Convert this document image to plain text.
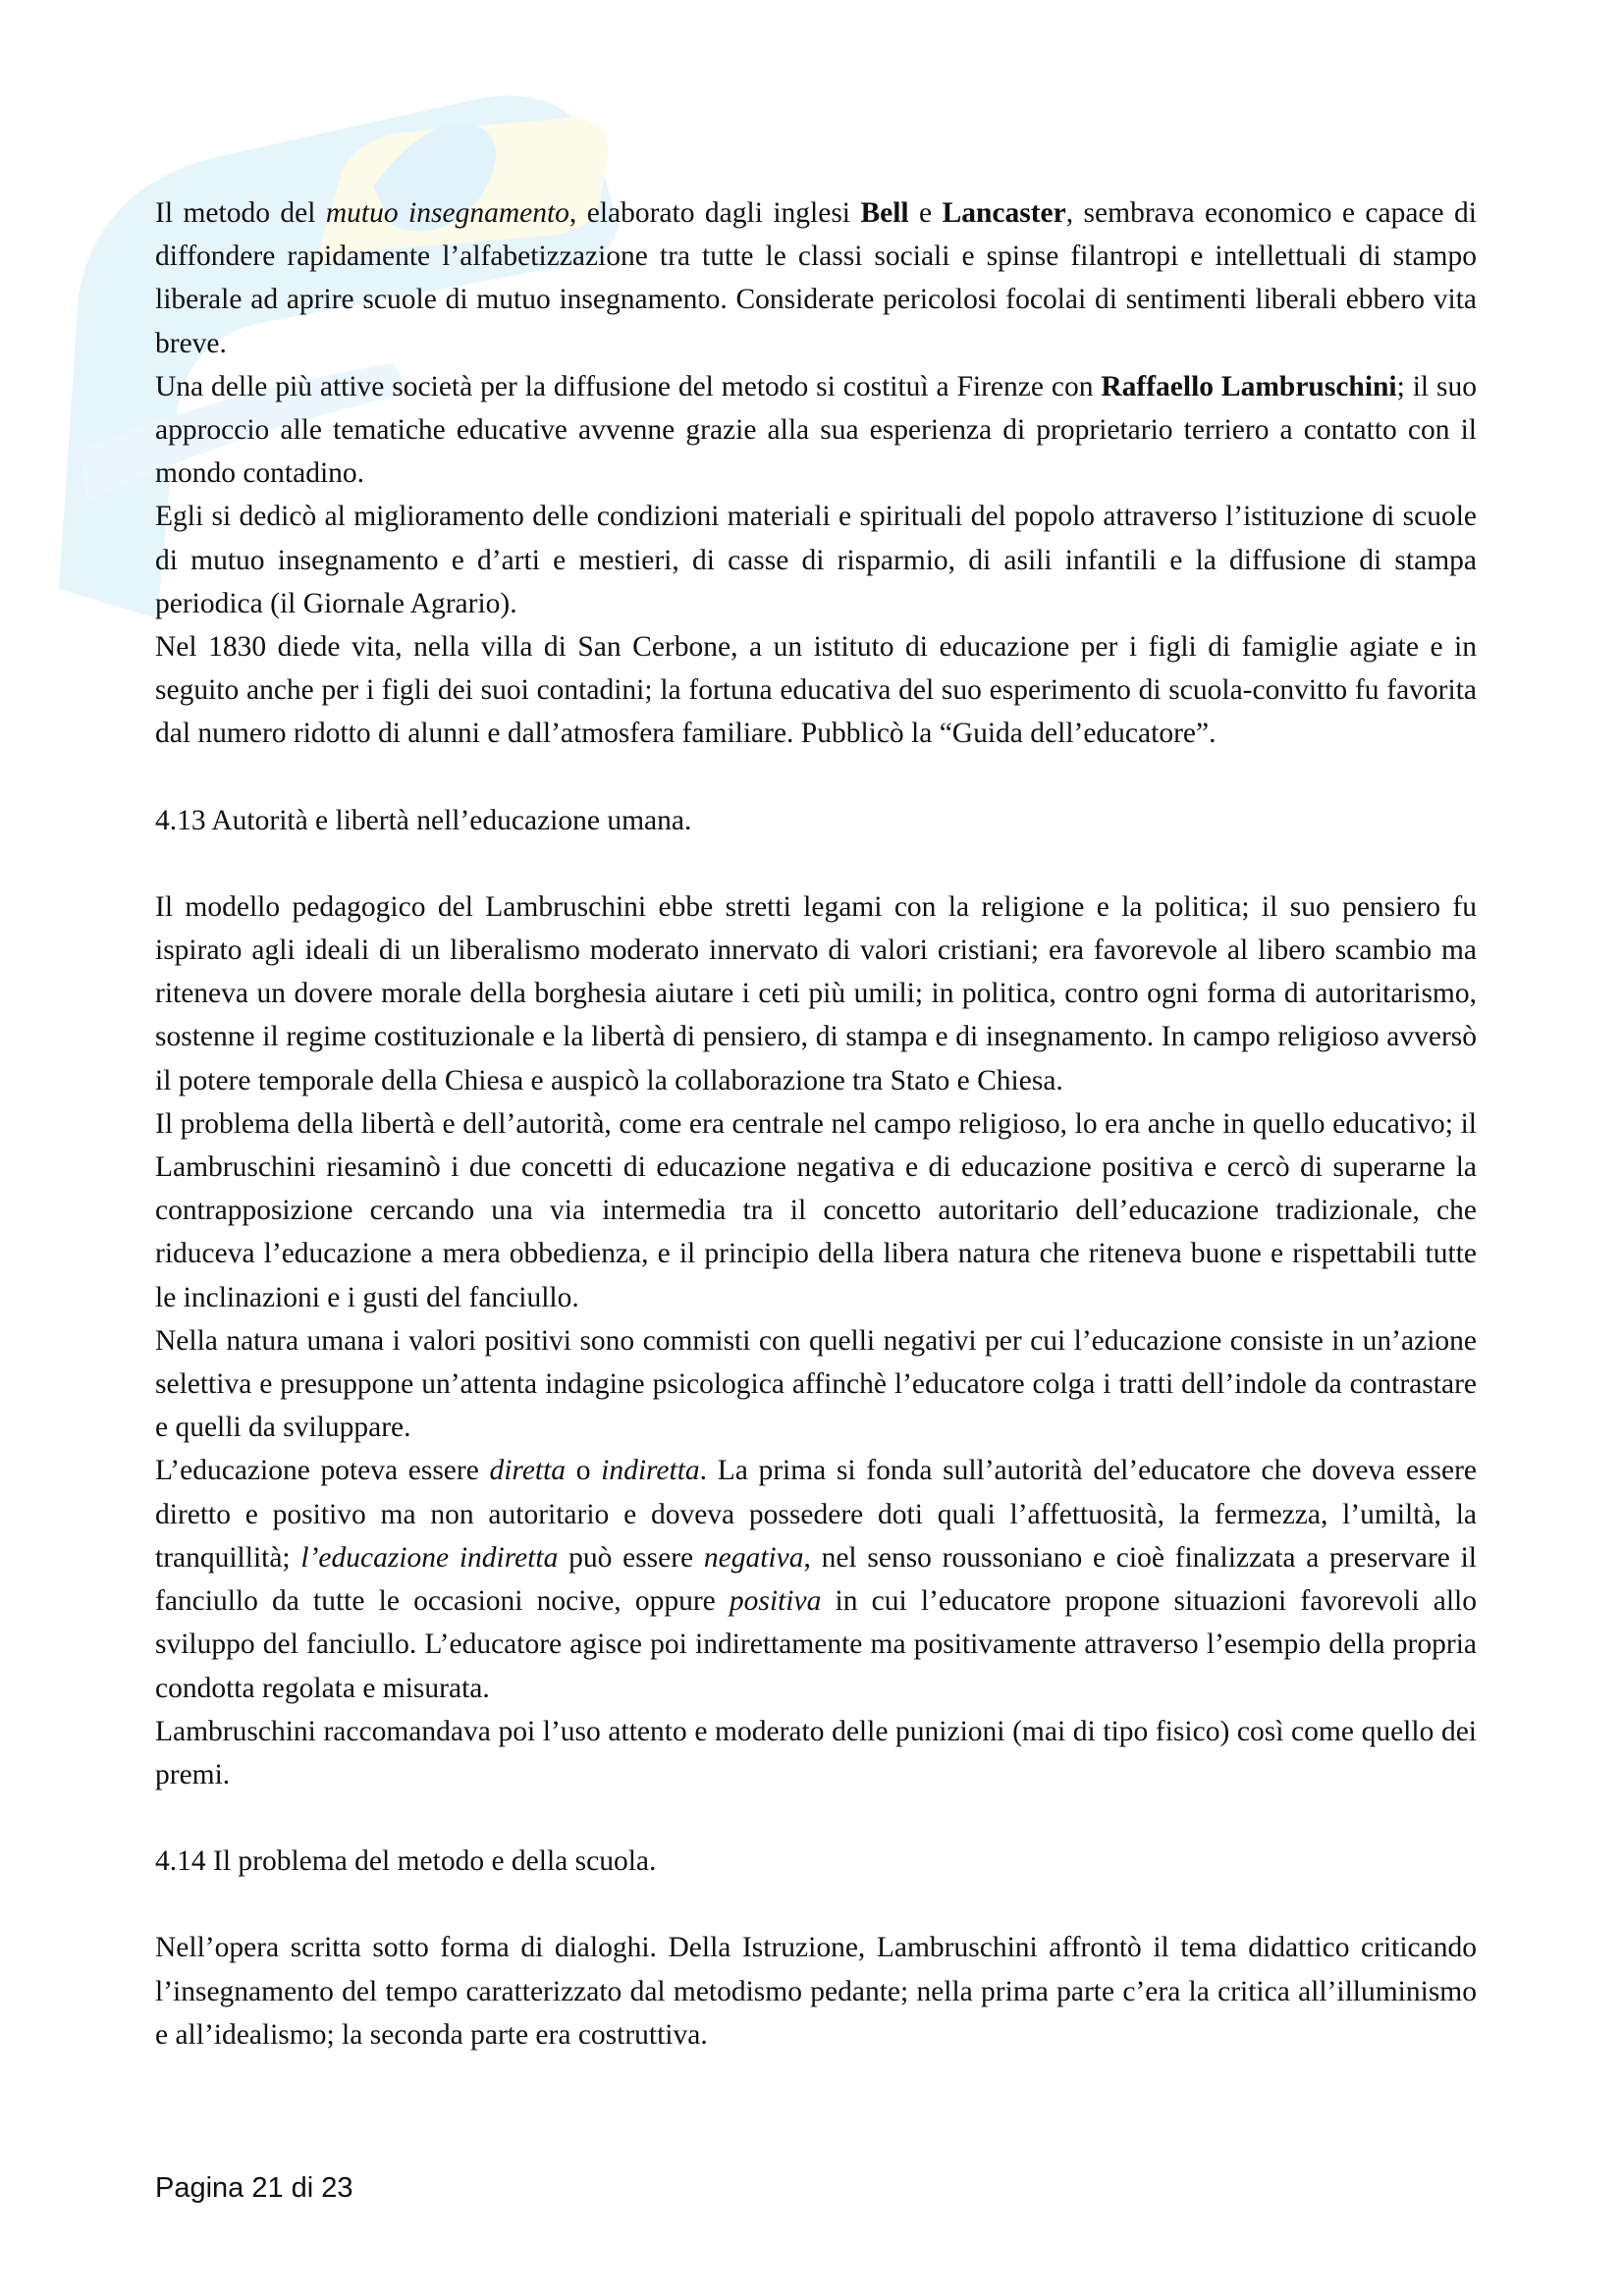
Il metodo del mutuo insegnamento, elaborato dagli inglesi Bell e Lancaster, sembrava economico e capace di diffondere rapidamente l’alfabetizzazione tra tutte le classi sociali e spinse filantropi e intellettuali di stampo liberale ad aprire scuole di mutuo insegnamento. Considerate pericolosi focolai di sentimenti liberali ebbero vita breve.

Una delle più attive società per la diffusione del metodo si costituì a Firenze con Raffaello Lambruschini; il suo approccio alle tematiche educative avvenne grazie alla sua esperienza di proprietario terriero a contatto con il mondo contadino.

Egli si dedicò al miglioramento delle condizioni materiali e spirituali del popolo attraverso l’istituzione di scuole di mutuo insegnamento e d’arti e mestieri, di casse di risparmio, di asili infantili e la diffusione di stampa periodica (il Giornale Agrario).

Nel 1830 diede vita, nella villa di San Cerbone, a un istituto di educazione per i figli di famiglie agiate e in seguito anche per i figli dei suoi contadini; la fortuna educativa del suo esperimento di scuola-convitto fu favorita dal numero ridotto di alunni e dall’atmosfera familiare. Pubblicò la “Guida dell’educatore”.

4.13 Autorità e libertà nell’educazione umana.

Il modello pedagogico del Lambruschini ebbe stretti legami con la religione e la politica; il suo pensiero fu ispirato agli ideali di un liberalismo moderato innervato di valori cristiani; era favorevole al libero scambio ma riteneva un dovere morale della borghesia aiutare i ceti più umili; in politica, contro ogni forma di autoritarismo, sostenne il regime costituzionale e la libertà di pensiero, di stampa e di insegnamento. In campo religioso avversò il potere temporale della Chiesa e auspicò la collaborazione tra Stato e Chiesa.

Il problema della libertà e dell’autorità, come era centrale nel campo religioso, lo era anche in quello educativo; il Lambruschini riesaminò i due concetti di educazione negativa e di educazione positiva e cercò di superarne la contrapposizione cercando una via intermedia tra il concetto autoritario dell’educazione tradizionale, che riduceva l’educazione a mera obbedienza, e il principio della libera natura che riteneva buone e rispettabili tutte le inclinazioni e i gusti del fanciullo.

Nella natura umana i valori positivi sono commisti con quelli negativi per cui l’educazione consiste in un’azione selettiva e presuppone un’attenta indagine psicologica affinchè l’educatore colga i tratti dell’indole da contrastare e quelli da sviluppare.

L’educazione poteva essere diretta o indiretta. La prima si fonda sull’autorità del’educatore che doveva essere diretto e positivo ma non autoritario e doveva possedere doti quali l’affettuosità, la fermezza, l’umiltà, la tranquillità; l’educazione indiretta può essere negativa, nel senso roussoniano e cioè finalizzata a preservare il fanciullo da tutte le occasioni nocive, oppure positiva in cui l’educatore propone situazioni favorevoli allo sviluppo del fanciullo. L’educatore agisce poi indirettamente ma positivamente attraverso l’esempio della propria condotta regolata e misurata.

Lambruschini raccomandava poi l’uso attento e moderato delle punizioni (mai di tipo fisico) così come quello dei premi.

4.14 Il problema del metodo e della scuola.

Nell’opera scritta sotto forma di dialoghi. Della Istruzione, Lambruschini affrontò il tema didattico criticando l’insegnamento del tempo caratterizzato dal metodismo pedante; nella prima parte c’era la critica all’illuminismo e all’idealismo; la seconda parte era costruttiva.

Pagina 21 di 23
